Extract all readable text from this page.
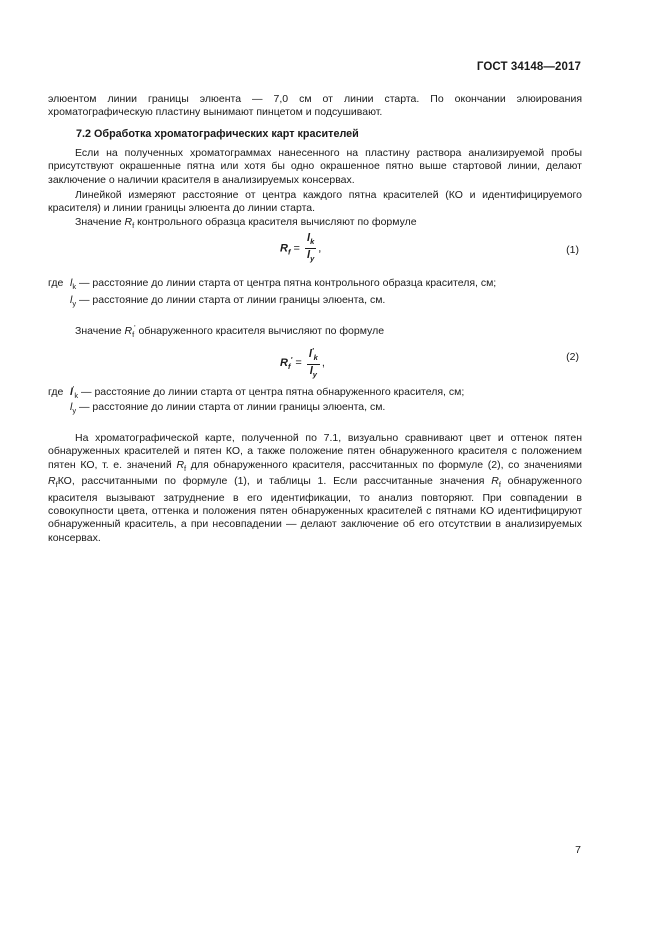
ГОСТ 34148—2017
элюентом линии границы элюента — 7,0 см от линии старта. По окончании элюирования хроматографическую пластину вынимают пинцетом и подсушивают.
7.2 Обработка хроматографических карт красителей
Если на полученных хроматограммах нанесенного на пластину раствора анализируемой пробы присутствуют окрашенные пятна или хотя бы одно окрашенное пятно выше стартовой линии, делают заключение о наличии красителя в анализируемых консервах.
Линейкой измеряют расстояние от центра каждого пятна красителей (КО и идентифицируемого красителя) и линии границы элюента до линии старта.
Значение $R_f$ контрольного образца красителя вычисляют по формуле
$R_f = \frac{l_k}{l_y}$ ,	(1)
где $l_k$ — расстояние до линии старта от центра пятна контрольного образца красителя, см;
$l_y$ — расстояние до линии старта от линии границы элюента, см.
Значение $R_f'$ обнаруженного красителя вычисляют по формуле
$R_f' = \frac{l'_k}{l_y}$ ,	(2)
где $l'_k$ — расстояние до линии старта от центра пятна обнаруженного красителя, см;
$l_y$ — расстояние до линии старта от линии границы элюента, см.
На хроматографической карте, полученной по 7.1, визуально сравнивают цвет и оттенок пятен обнаруженных красителей и пятен КО, а также положение пятен обнаруженного красителя с положением пятен КО, т. е. значений $R_f$ для обнаруженного красителя, рассчитанных по формуле (2), со значениями $R_fКО$, рассчитанными по формуле (1), и таблицы 1. Если рассчитанные значения $R_f$ обнаруженного красителя вызывают затруднение в его идентификации, то анализ повторяют. При совпадении в совокупности цвета, оттенка и положения пятен обнаруженных красителей с пятнами КО идентифицируют обнаруженный краситель, а при несовпадении — делают заключение об его отсутствии в анализируемых консервах.
7
